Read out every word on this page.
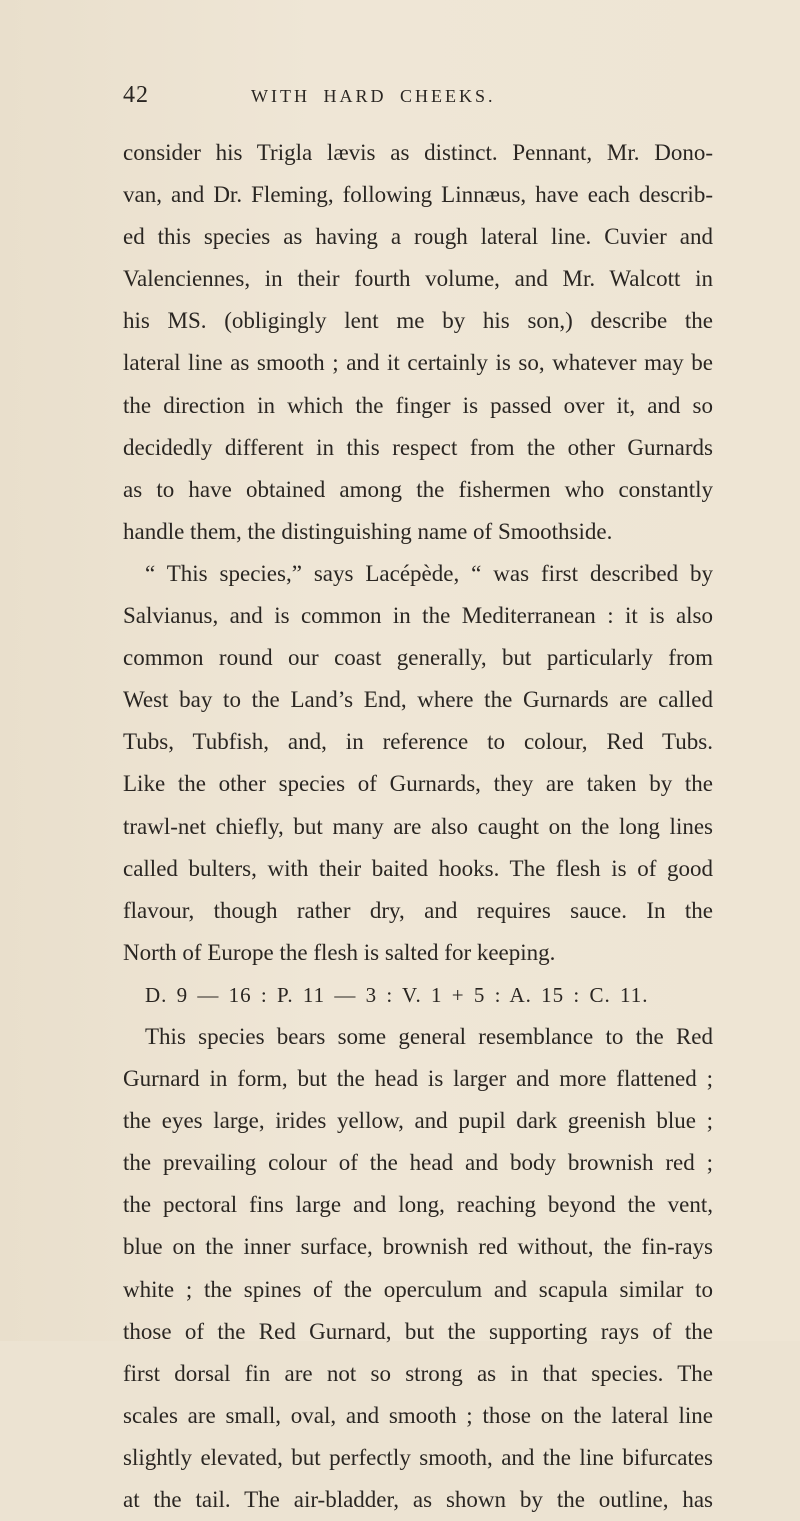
42	WITH HARD CHEEKS.
consider his Trigla lævis as distinct. Pennant, Mr. Dono-
van, and Dr. Fleming, following Linnæus, have each describ-
ed this species as having a rough lateral line. Cuvier and
Valenciennes, in their fourth volume, and Mr. Walcott in
his MS. (obligingly lent me by his son,) describe the
lateral line as smooth ; and it certainly is so, whatever may be
the direction in which the finger is passed over it, and so
decidedly different in this respect from the other Gurnards
as to have obtained among the fishermen who constantly
handle them, the distinguishing name of Smoothside.
“ This species,” says Lacépède, “ was first described by
Salvianus, and is common in the Mediterranean : it is also
common round our coast generally, but particularly from
West bay to the Land’s End, where the Gurnards are called
Tubs, Tubfish, and, in reference to colour, Red Tubs.
Like the other species of Gurnards, they are taken by the
trawl-net chiefly, but many are also caught on the long lines
called bulters, with their baited hooks. The flesh is of good
flavour, though rather dry, and requires sauce. In the
North of Europe the flesh is salted for keeping.
D. 9 — 16 : P. 11 — 3 : V. 1 + 5 : A. 15 : C. 11.
This species bears some general resemblance to the Red
Gurnard in form, but the head is larger and more flattened ;
the eyes large, irides yellow, and pupil dark greenish blue ;
the prevailing colour of the head and body brownish red ;
the pectoral fins large and long, reaching beyond the vent,
blue on the inner surface, brownish red without, the fin-rays
white ; the spines of the operculum and scapula similar to
those of the Red Gurnard, but the supporting rays of the
first dorsal fin are not so strong as in that species. The
scales are small, oval, and smooth ; those on the lateral line
slightly elevated, but perfectly smooth, and the line bifurcates
at the tail. The air-bladder, as shown by the outline, has
